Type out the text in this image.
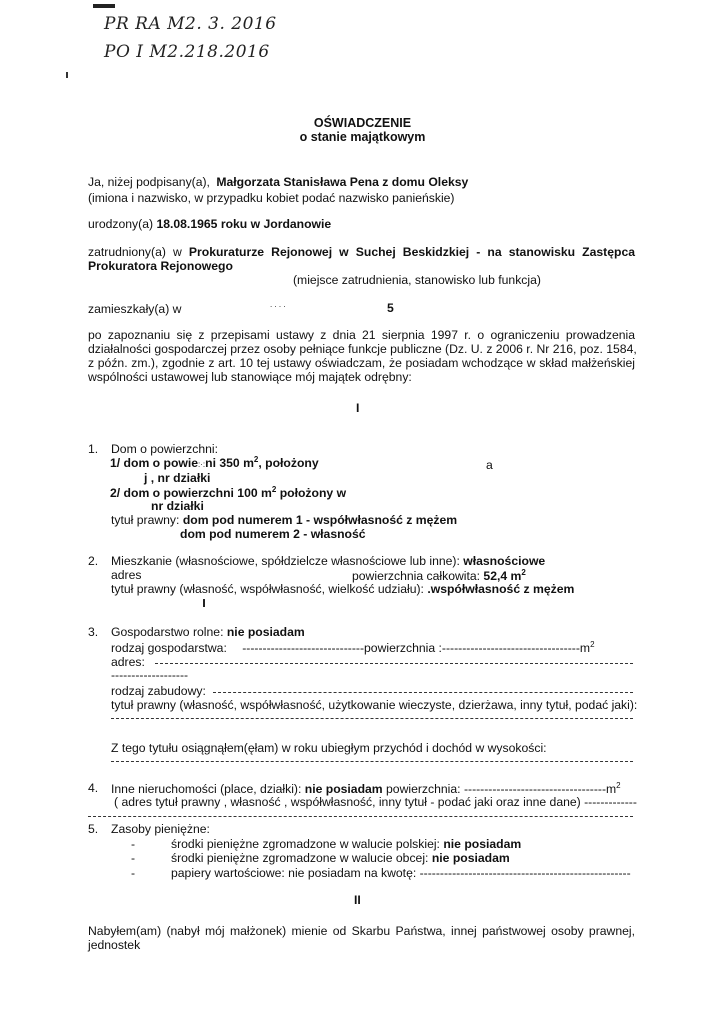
PR RA M2. 3. 2016
PO I M2.218.2016
OŚWIADCZENIE
o stanie majątkowym
Ja, niżej podpisany(a), Małgorzata Stanisława Pena z domu Oleksy
(imiona i nazwisko, w przypadku kobiet podać nazwisko panieńskie)
urodzony(a) 18.08.1965 roku w Jordanowie
zatrudniony(a) w Prokuraturze Rejonowej w Suchej Beskidzkiej - na stanowisku Zastępca
Prokuratora Rejonowego
(miejsce zatrudnienia, stanowisko lub funkcja)
zamieszkały(a) w	. . . .	5
po zapoznaniu się z przepisami ustawy z dnia 21 sierpnia 1997 r. o ograniczeniu prowadzenia
działalności gospodarczej przez osoby pełniące funkcje publiczne (Dz. U. z 2006 r. Nr 216, poz. 1584,
z późn. zm.), zgodnie z art. 10 tej ustawy oświadczam, że posiadam wchodzące w skład małżeńskiej
wspólności ustawowej lub stanowiące mój majątek odrębny:
I
1. Dom o powierzchni:
1/ dom o powie:·:ni 350 $m^2$, położony	a
j , nr działki
2/ dom o powierzchni 100 $m^2$ położony w
nr działki
tytuł prawny: dom pod numerem 1 - współwłasność z mężem
dom pod numerem 2 - własność
2. Mieszkanie (własnościowe, spółdzielcze własnościowe lub inne): własnościowe
adres	powierzchnia całkowita: 52,4 $m^2$
tytuł prawny (własność, współwłasność, wielkość udziału): .współwłasność z mężem
3. Gospodarstwo rolne: nie posiadam
rodzaj gospodarstwa: ------------------------------powierzchnia $:----------------------------------m^2$
adres:
-------------------
rodzaj zabudowy:
tytuł prawny (własność, współwłasność, użytkowanie wieczyste, dzierżawa, inny tytuł, podać jaki):
Z tego tytułu osiągnąłem(ęłam) w roku ubiegłym przychód i dochód w wysokości:
4. Inne nieruchomości (place, działki): nie posiadam powierzchnia: $-----------------------------------m^2$
( adres tytuł prawny , własność , współwłasność, inny tytuł - podać jaki oraz inne dane) -------------
5. Zasoby pieniężne:
-	środki pieniężne zgromadzone w walucie polskiej: nie posiadam
-	środki pieniężne zgromadzone w walucie obcej: nie posiadam
-	papiery wartościowe: nie posiadam na kwotę: ----------------------------------------------------
II
Nabyłem(am) (nabył mój małżonek) mienie od Skarbu Państwa, innej państwowej osoby prawnej,
jednostek
